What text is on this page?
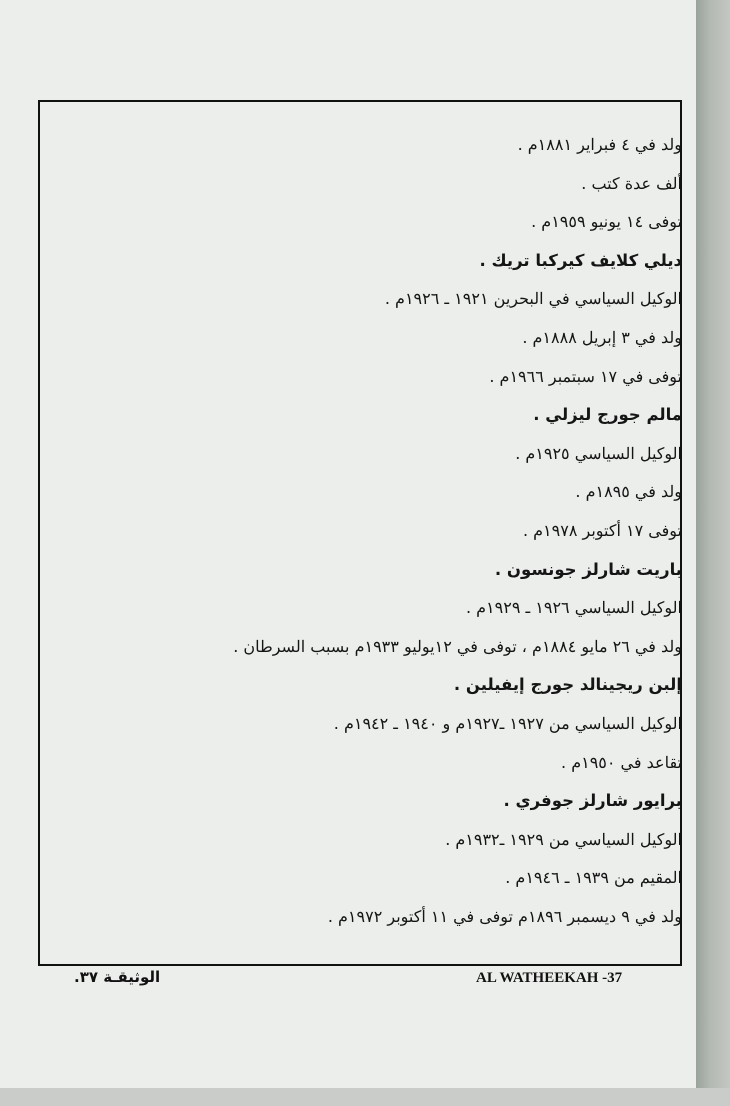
ولد في ٤ فبراير ١٨٨١م .
ألف عدة كتب .
توفى ١٤ يونيو ١٩٥٩م .
ديلي كلايف كيركبا تريك .
الوكيل السياسي في البحرين ١٩٢١ ـ ١٩٢٦م .
ولد في ٣ إبريل ١٨٨٨م .
توفى في ١٧ سبتمبر ١٩٦٦م .
مالم جورج ليزلي .
الوكيل السياسي ١٩٢٥م .
ولد في ١٨٩٥م .
توفى ١٧ أكتوبر ١٩٧٨م .
باريت شارلز جونسون .
الوكيل السياسي ١٩٢٦ ـ ١٩٢٩م .
ولد في ٢٦ مايو ١٨٨٤م ، توفى في ١٢يوليو ١٩٣٣م بسبب السرطان .
إلبن ريجينالد جورج إيفيلين .
الوكيل السياسي من ١٩٢٧ ـ١٩٢٧م و ١٩٤٠ ـ ١٩٤٢م .
تقاعد في ١٩٥٠م .
برايور شارلز جوفري .
الوكيل السياسي من ١٩٢٩ ـ١٩٣٢م .
المقيم من ١٩٣٩ ـ ١٩٤٦م .
ولد في ٩ ديسمبر ١٨٩٦م توفى في ١١ أكتوبر ١٩٧٢م .
الوثيقـة ٣٧.	AL WATHEEKAH -37
